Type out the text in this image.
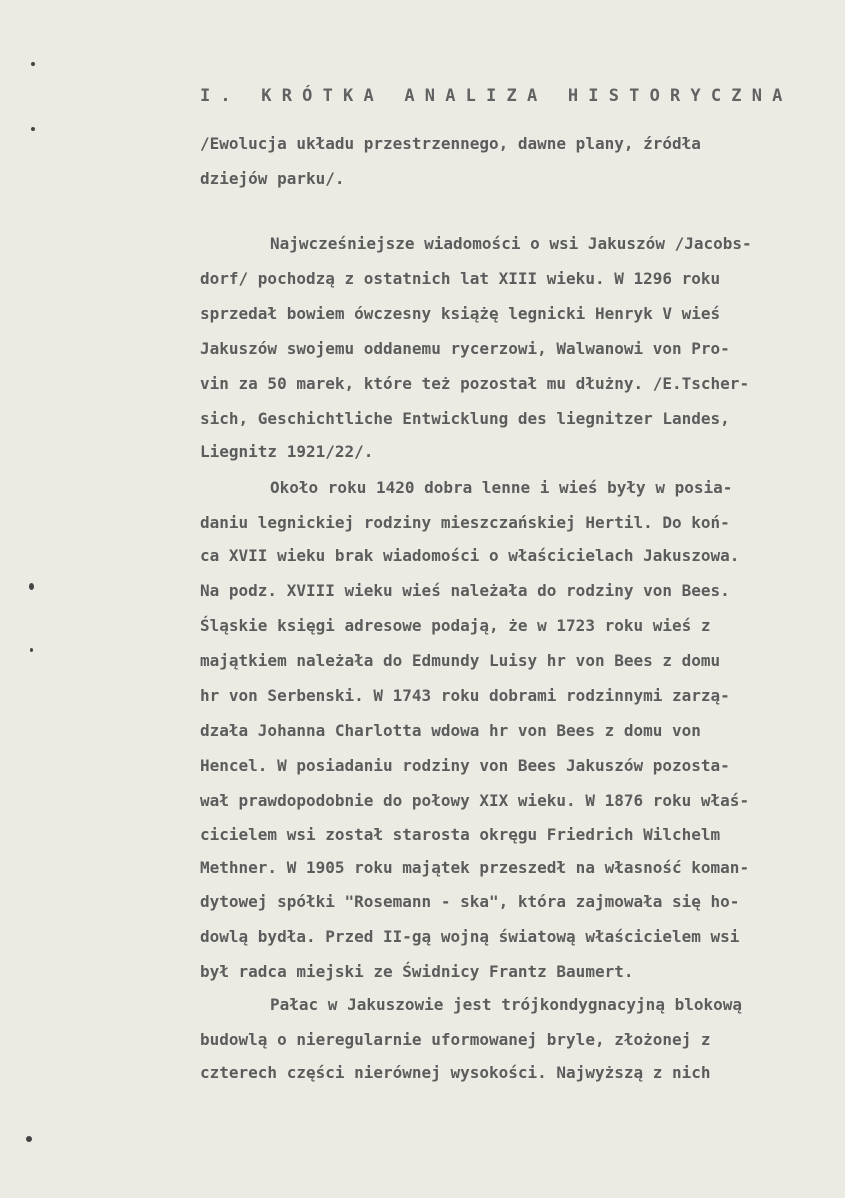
I. KRÓTKA ANALIZA HISTORYCZNA
/Ewolucja układu przestrzennego, dawne plany, źródła
dziejów parku/.
Najwcześniejsze wiadomości o wsi Jakuszów /Jacobs-
dorf/ pochodzą z ostatnich lat XIII wieku. W 1296 roku
sprzedał bowiem ówczesny książę legnicki Henryk V wieś
Jakuszów swojemu oddanemu rycerzowi, Walwanowi von Pro-
vin za 50 marek, które też pozostał mu dłużny. /E.Tscher-
sich, Geschichtliche Entwicklung des liegnitzer Landes,
Liegnitz 1921/22/.
Około roku 1420 dobra lenne i wieś były w posia-
daniu legnickiej rodziny mieszczańskiej Hertil. Do koń-
ca XVII wieku brak wiadomości o właścicielach Jakuszowa.
Na podz. XVIII wieku wieś należała do rodziny von Bees.
Śląskie księgi adresowe podają, że w 1723 roku wieś z
majątkiem należała do Edmundy Luisy hr von Bees z domu
hr von Serbenski. W 1743 roku dobrami rodzinnymi zarzą-
dzała Johanna Charlotta wdowa hr von Bees z domu von
Hencel. W posiadaniu rodziny von Bees Jakuszów pozosta-
wał prawdopodobnie do połowy XIX wieku. W 1876 roku właś-
cicielem wsi został starosta okręgu Friedrich Wilchelm
Methner. W 1905 roku majątek przeszedł na własność koman-
dytowej spółki "Rosemann - ska", która zajmowała się ho-
dowlą bydła. Przed II-gą wojną światową właścicielem wsi
był radca miejski ze Świdnicy Frantz Baumert.
Pałac w Jakuszowie jest trójkondygnacyjną blokową
budowlą o nieregularnie uformowanej bryle, złożonej z
czterech części nierównej wysokości. Najwyższą z nich
